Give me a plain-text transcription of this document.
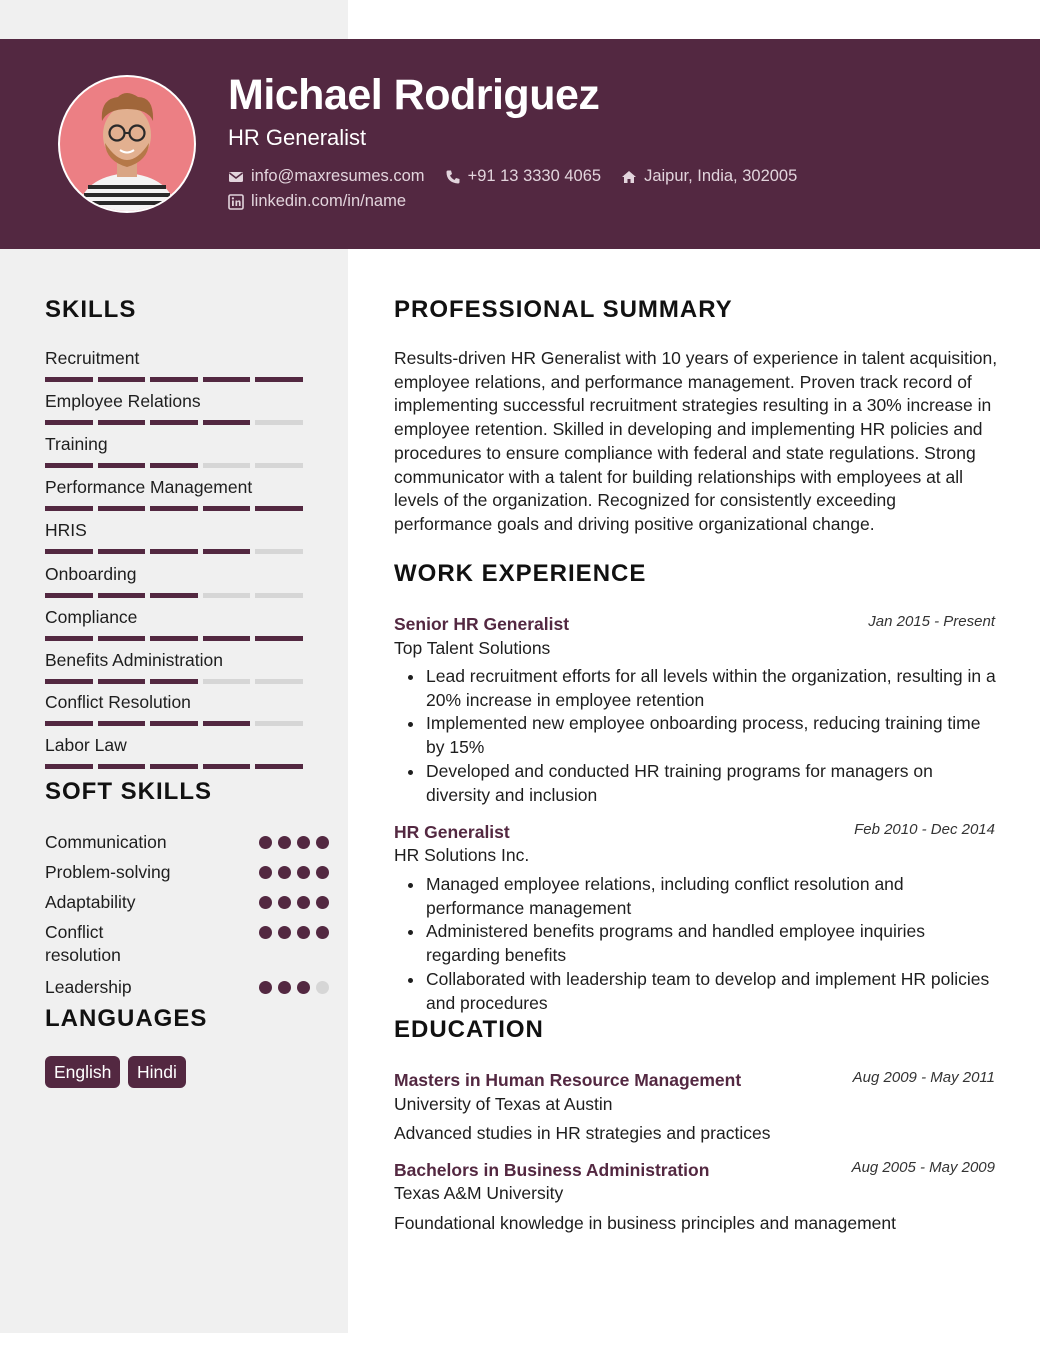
Michael Rodriguez
HR Generalist
info@maxresumes.com	+91 13 3330 4065	Jaipur, India, 302005
linkedin.com/in/name
SKILLS
Recruitment
Employee Relations
Training
Performance Management
HRIS
Onboarding
Compliance
Benefits Administration
Conflict Resolution
Labor Law
SOFT SKILLS
Communication
Problem-solving
Adaptability
Conflict resolution
Leadership
LANGUAGES
English	Hindi
PROFESSIONAL SUMMARY
Results-driven HR Generalist with 10 years of experience in talent acquisition, employee relations, and performance management. Proven track record of implementing successful recruitment strategies resulting in a 30% increase in employee retention. Skilled in developing and implementing HR policies and procedures to ensure compliance with federal and state regulations. Strong communicator with a talent for building relationships with employees at all levels of the organization. Recognized for consistently exceeding performance goals and driving positive organizational change.
WORK EXPERIENCE
Senior HR Generalist	Jan 2015 - Present
Top Talent Solutions
Lead recruitment efforts for all levels within the organization, resulting in a 20% increase in employee retention
Implemented new employee onboarding process, reducing training time by 15%
Developed and conducted HR training programs for managers on diversity and inclusion
HR Generalist	Feb 2010 - Dec 2014
HR Solutions Inc.
Managed employee relations, including conflict resolution and performance management
Administered benefits programs and handled employee inquiries regarding benefits
Collaborated with leadership team to develop and implement HR policies and procedures
EDUCATION
Masters in Human Resource Management	Aug 2009 - May 2011
University of Texas at Austin
Advanced studies in HR strategies and practices
Bachelors in Business Administration	Aug 2005 - May 2009
Texas A&M University
Foundational knowledge in business principles and management
